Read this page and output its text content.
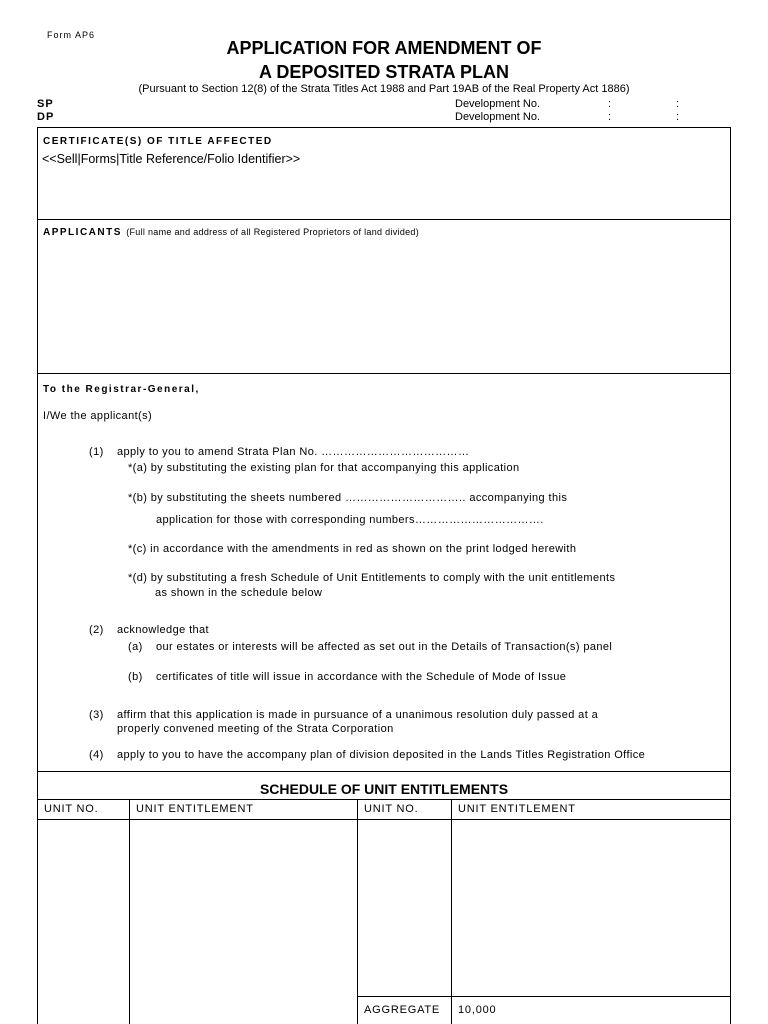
Form AP6
APPLICATION FOR AMENDMENT OF
A DEPOSITED STRATA PLAN
(Pursuant to Section 12(8) of the Strata Titles Act 1988 and Part 19AB of the Real Property Act 1886)
SP
DP
Development No.	:	:
Development No.	:	:
CERTIFICATE(S) OF TITLE AFFECTED
<<Sell|Forms|Title Reference/Folio Identifier>>
APPLICANTS (Full name and address of all Registered Proprietors of land divided)
To the Registrar-General,
I/We the applicant(s)
(1) apply to you to amend Strata Plan No. …………………………………
*(a) by substituting the existing plan for that accompanying this application
*(b) by substituting the sheets numbered ………………………….. accompanying this
application for those with corresponding numbers…………………………….
*(c) in accordance with the amendments in red as shown on the print lodged herewith
*(d) by substituting a fresh Schedule of Unit Entitlements to comply with the unit entitlements
as shown in the schedule below
(2) acknowledge that
(a) our estates or interests will be affected as set out in the Details of Transaction(s) panel
(b) certificates of title will issue in accordance with the Schedule of Mode of Issue
(3) affirm that this application is made in pursuance of a unanimous resolution duly passed at a
properly convened meeting of the Strata Corporation
(4) apply to you to have the accompany plan of division deposited in the Lands Titles Registration Office
SCHEDULE OF UNIT ENTITLEMENTS
UNIT NO.	UNIT ENTITLEMENT	UNIT NO.	UNIT ENTITLEMENT
AGGREGATE 10,000
